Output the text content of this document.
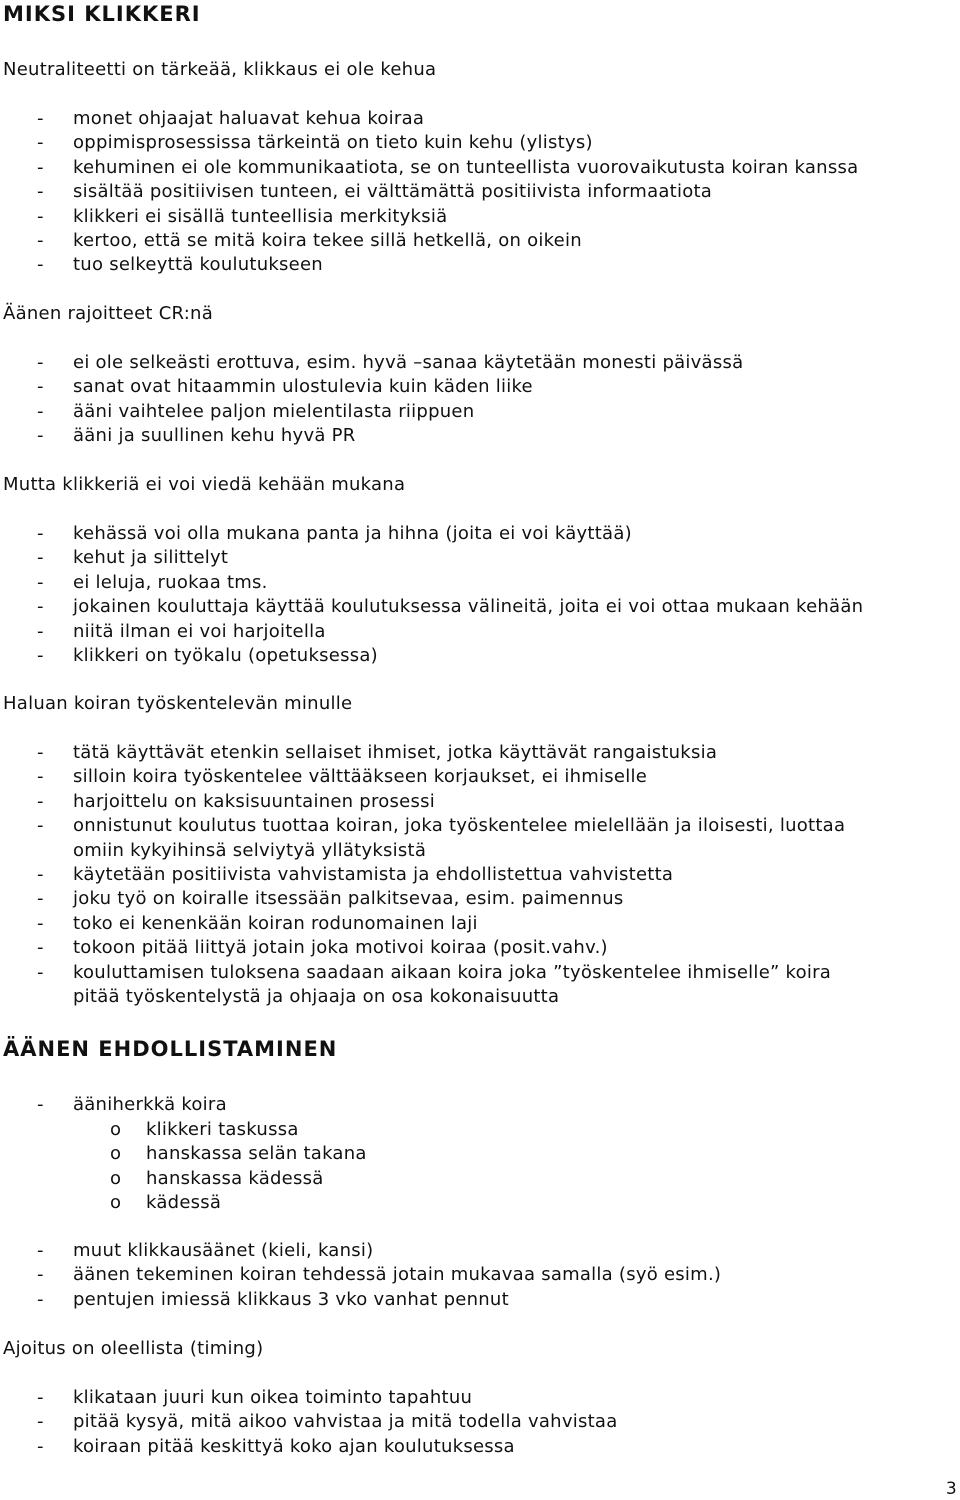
MIKSI KLIKKERI
Neutraliteetti on tärkeää, klikkaus ei ole kehua
- monet ohjaajat haluavat kehua koiraa
- oppimisprosessissa tärkeintä on tieto kuin kehu (ylistys)
- kehuminen ei ole kommunikaatiota, se on tunteellista vuorovaikutusta koiran kanssa
- sisältää positiivisen tunteen, ei välttämättä positiivista informaatiota
- klikkeri ei sisällä tunteellisia merkityksiä
- kertoo, että se mitä koira tekee sillä hetkellä, on oikein
- tuo selkeyttä koulutukseen
Äänen rajoitteet CR:nä
- ei ole selkeästi erottuva, esim. hyvä –sanaa käytetään monesti päivässä
- sanat ovat hitaammin ulostulevia kuin käden liike
- ääni vaihtelee paljon mielentilasta riippuen
- ääni ja suullinen kehu hyvä PR
Mutta klikkeriä ei voi viedä kehään mukana
- kehässä voi olla mukana panta ja hihna (joita ei voi käyttää)
- kehut ja silittelyt
- ei leluja, ruokaa tms.
- jokainen kouluttaja käyttää koulutuksessa välineitä, joita ei voi ottaa mukaan kehään
- niitä ilman ei voi harjoitella
- klikkeri on työkalu (opetuksessa)
Haluan koiran työskentelevän minulle
- tätä käyttävät etenkin sellaiset ihmiset, jotka käyttävät rangaistuksia
- silloin koira työskentelee välttääkseen korjaukset, ei ihmiselle
- harjoittelu on kaksisuuntainen prosessi
- onnistunut koulutus tuottaa koiran, joka työskentelee mielellään ja iloisesti, luottaa
omiin kykyihinsä selviytyä yllätyksistä
- käytetään positiivista vahvistamista ja ehdollistettua vahvistetta
- joku työ on koiralle itsessään palkitsevaa, esim. paimennus
- toko ei kenenkään koiran rodunomainen laji
- tokoon pitää liittyä jotain joka motivoi koiraa (posit.vahv.)
- kouluttamisen tuloksena saadaan aikaan koira joka ”työskentelee ihmiselle” koira
pitää työskentelystä ja ohjaaja on osa kokonaisuutta
ÄÄNEN EHDOLLISTAMINEN
- ääniherkkä koira
o klikkeri taskussa
o hanskassa selän takana
o hanskassa kädessä
o kädessä
- muut klikkausäänet (kieli, kansi)
- äänen tekeminen koiran tehdessä jotain mukavaa samalla (syö esim.)
- pentujen imiessä klikkaus 3 vko vanhat pennut
Ajoitus on oleellista (timing)
- klikataan juuri kun oikea toiminto tapahtuu
- pitää kysyä, mitä aikoo vahvistaa ja mitä todella vahvistaa
- koiraan pitää keskittyä koko ajan koulutuksessa
3
